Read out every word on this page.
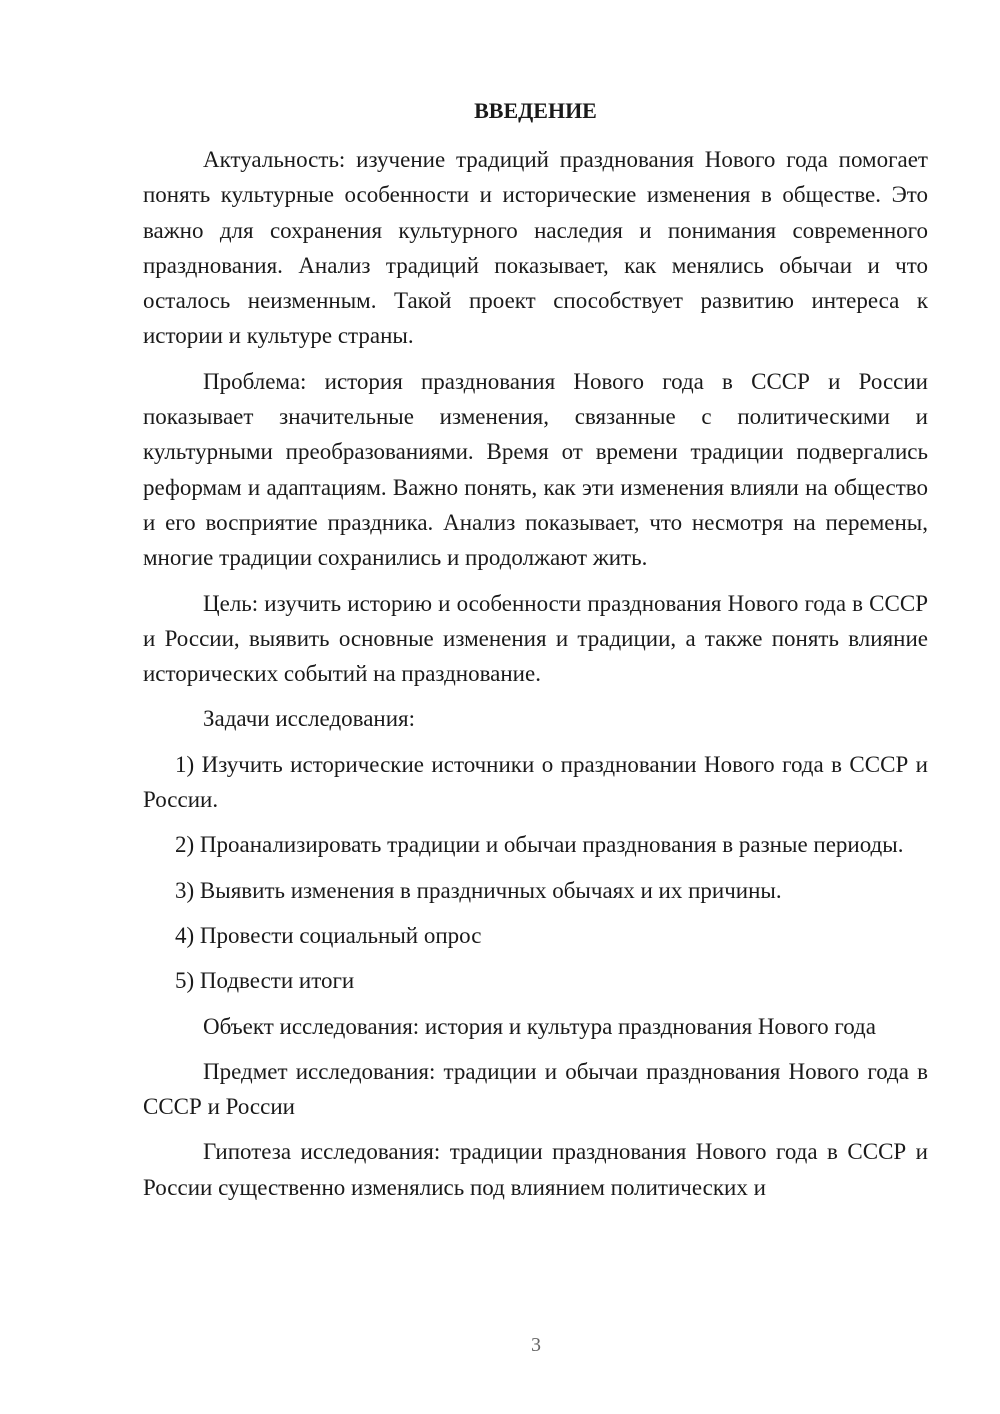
ВВЕДЕНИЕ

Актуальность: изучение традиций празднования Нового года помогает понять культурные особенности и исторические изменения в обществе. Это важно для сохранения культурного наследия и понимания современного празднования. Анализ традиций показывает, как менялись обычаи и что осталось неизменным. Такой проект способствует развитию интереса к истории и культуре страны.

Проблема: история празднования Нового года в СССР и России показывает значительные изменения, связанные с политическими и культурными преобразованиями. Время от времени традиции подвергались реформам и адаптациям. Важно понять, как эти изменения влияли на общество и его восприятие праздника. Анализ показывает, что несмотря на перемены, многие традиции сохранились и продолжают жить.

Цель: изучить историю и особенности празднования Нового года в СССР и России, выявить основные изменения и традиции, а также понять влияние исторических событий на празднование.

Задачи исследования:

1) Изучить исторические источники о праздновании Нового года в СССР и России.

2) Проанализировать традиции и обычаи празднования в разные периоды.

3) Выявить изменения в праздничных обычаях и их причины.

4) Провести социальный опрос

5) Подвести итоги

Объект исследования: история и культура празднования Нового года

Предмет исследования: традиции и обычаи празднования Нового года в СССР и России

Гипотеза исследования: традиции празднования Нового года в СССР и России существенно изменялись под влиянием политических и

3
